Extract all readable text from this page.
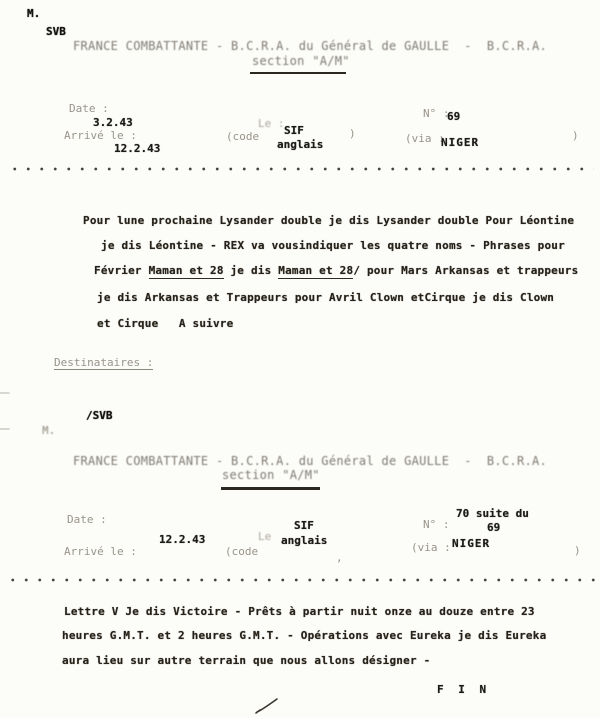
M.
SVB
FRANCE COMBATTANTE - B.C.R.A. du Général de GAULLE  -  B.C.R.A.
section "A/M"
Date :
3.2.43
Arrivé le :
12.2.43
Le :
(code SIF
anglais
)
N° :
69
(via :
NIGER
)
Pour lune prochaine Lysander double je dis Lysander double Pour Léontine
je dis Léontine - REX va vousindiquer les quatre noms - Phrases pour
Février Maman et 28 je dis Maman et 28/ pour Mars Arkansas et trappeurs
je dis Arkansas et Trappeurs pour Avril Clown etCirque je dis Clown
et Cirque   A suivre
Destinataires :
/SVB
M.
FRANCE COMBATTANTE - B.C.R.A. du Général de GAULLE  -  B.C.R.A.
section "A/M"
Date :
12.2.43
Arrivé le :
Le
(code
SIF
anglais
,
N° :
70 suite du
69
(via : NIGER
)
Lettre V Je dis Victoire - Prêts à partir nuit onze au douze entre 23
heures G.M.T. et 2 heures G.M.T. - Opérations avec Eureka je dis Eureka
aura lieu sur autre terrain que nous allons désigner -
F I N
